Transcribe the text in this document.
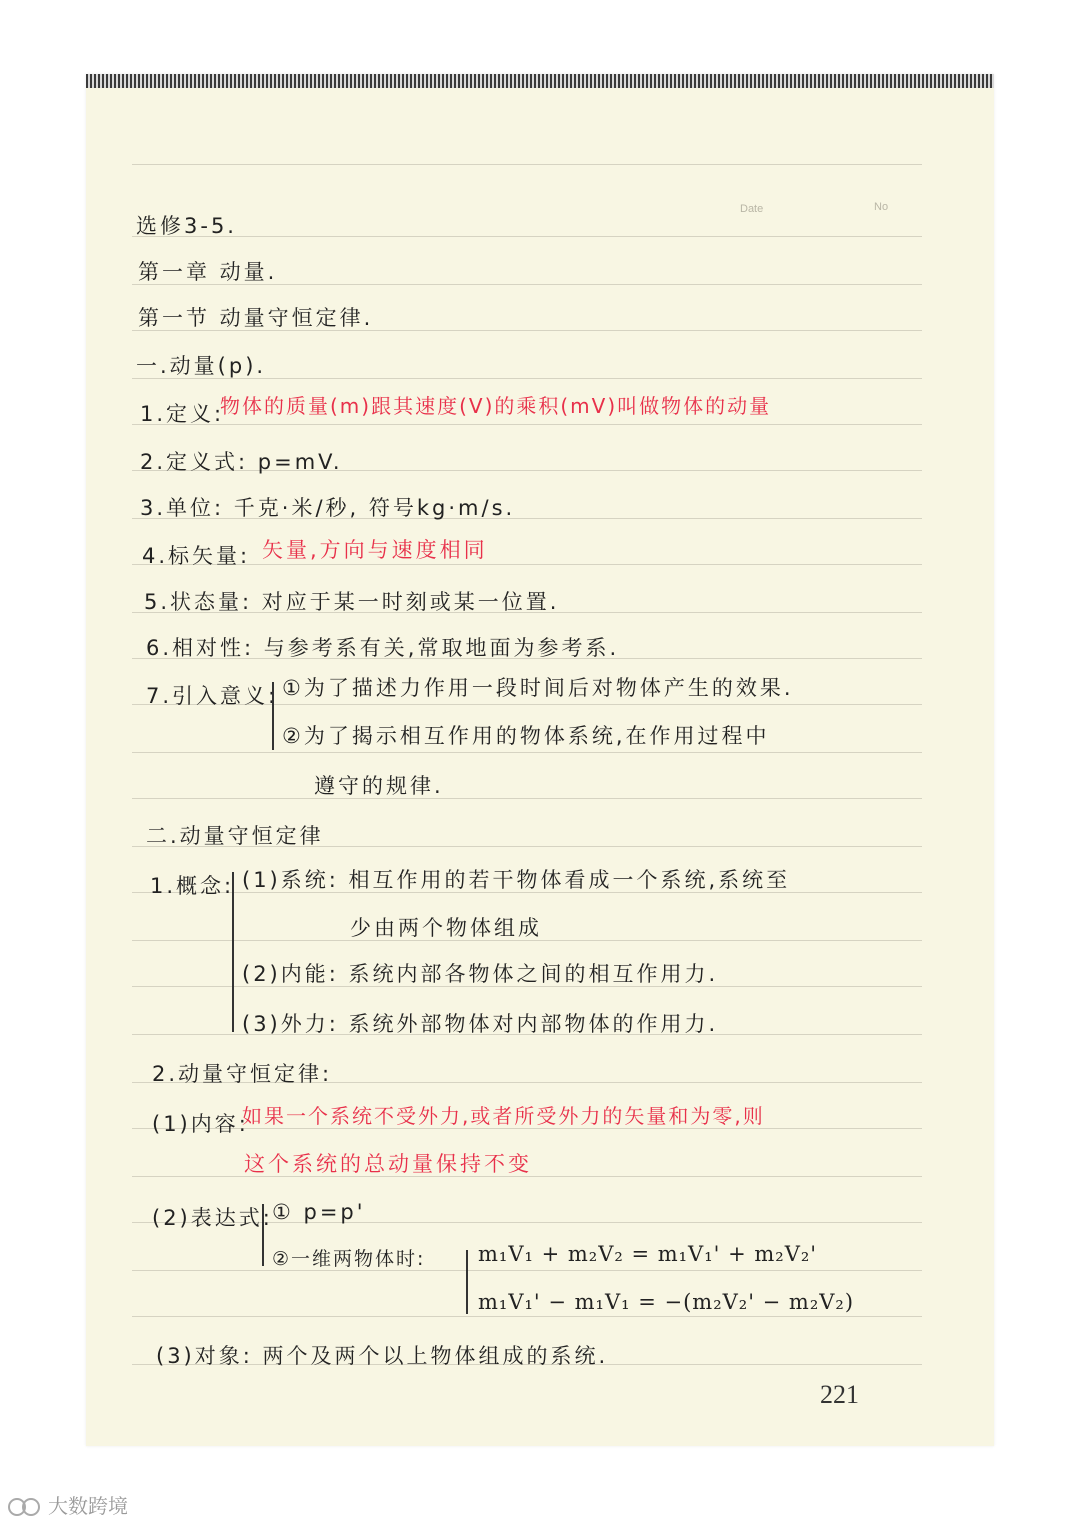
Date	No
选修3-5.
第一章 动量.
第一节 动量守恒定律.
一.动量(p).
1.定义:
物体的质量(m)跟其速度(V)的乘积(mV)叫做物体的动量
2.定义式: p=mV.
3.单位: 千克·米/秒, 符号kg·m/s.
4.标矢量: 矢量,方向与速度相同
5.状态量: 对应于某一时刻或某一位置.
6.相对性: 与参考系有关,常取地面为参考系.
7.引入意义: ①为了描述力作用一段时间后对物体产生的效果.
②为了揭示相互作用的物体系统,在作用过程中
遵守的规律.
二.动量守恒定律
1.概念: (1)系统: 相互作用的若干物体看成一个系统,系统至
少由两个物体组成
(2)内能: 系统内部各物体之间的相互作用力.
(3)外力: 系统外部物体对内部物体的作用力.
2.动量守恒定律:
(1)内容:
如果一个系统不受外力,或者所受外力的矢量和为零,则
这个系统的总动量保持不变
(2)表达式: ① p=p'
②一维两物体时:	m₁V₁ + m₂V₂ = m₁V₁' + m₂V₂'
m₁V₁' − m₁V₁ = −(m₂V₂' − m₂V₂)
(3)对象: 两个及两个以上物体组成的系统.
221
大数跨境
